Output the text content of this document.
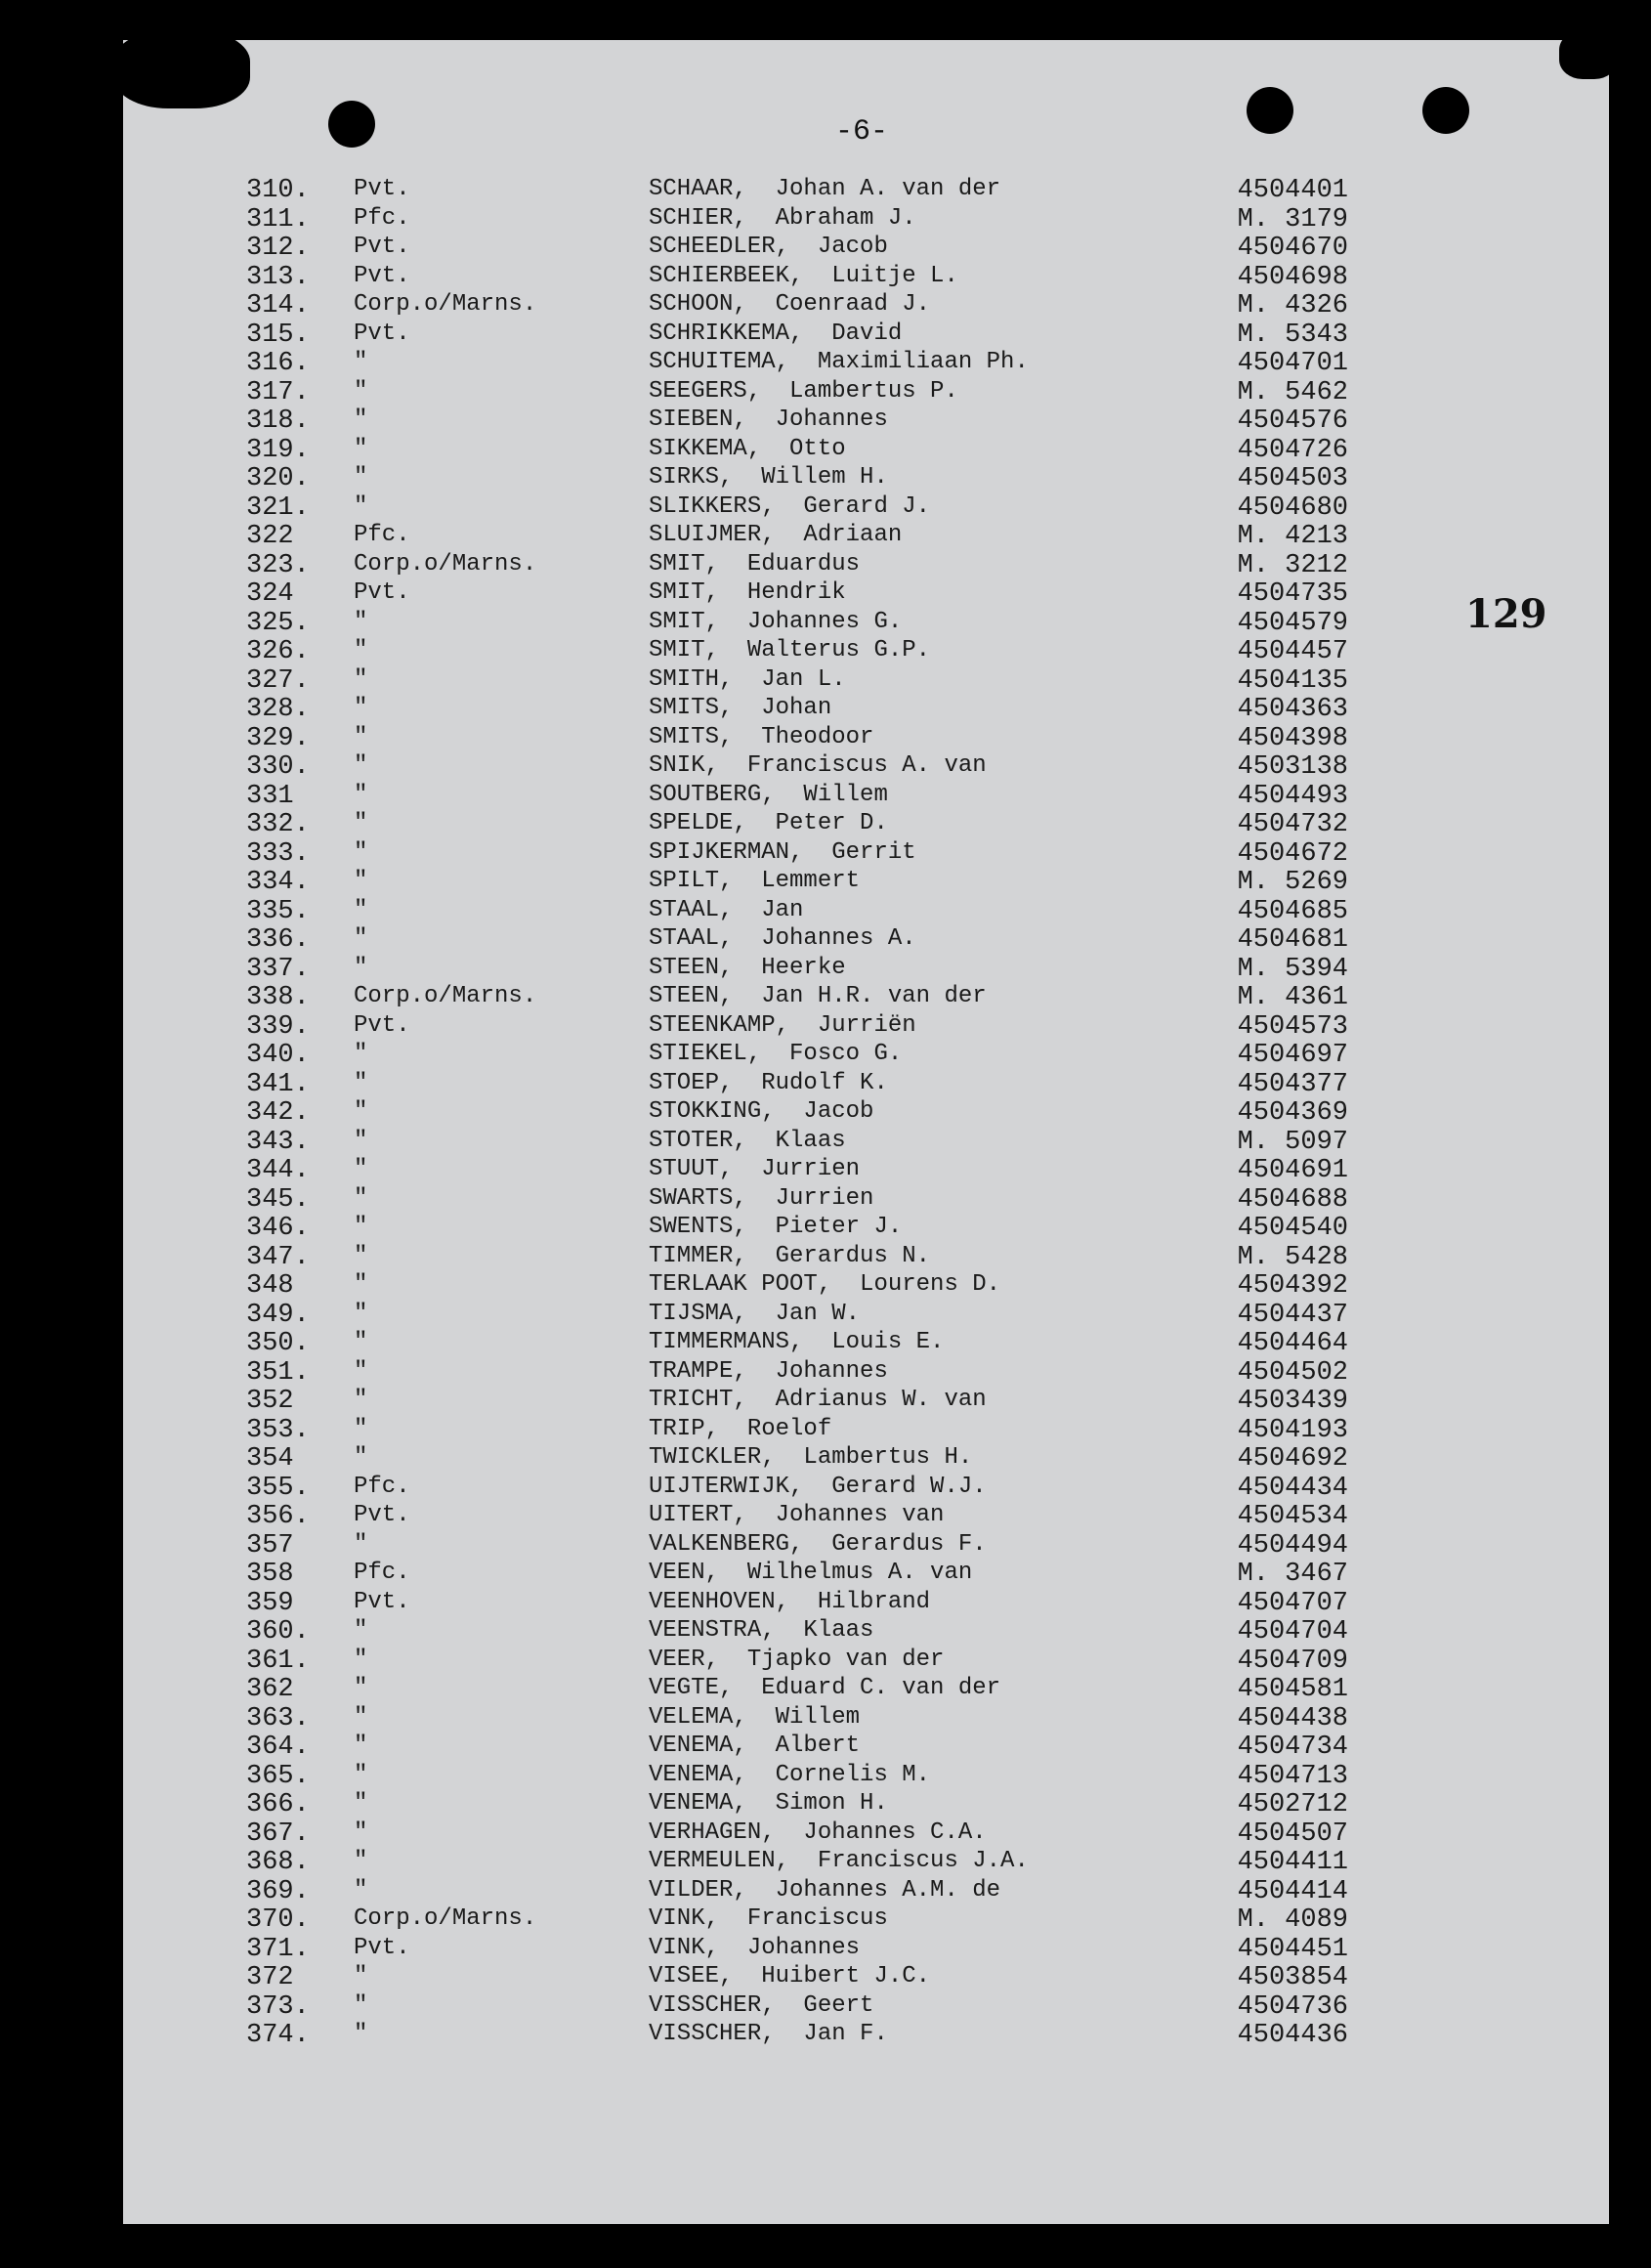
-6-
129
310. Pvt.	SCHAAR,  Johan A. van der	4504401
311. Pfc.	SCHIER,  Abraham J.	M. 3179
312. Pvt.	SCHEEDLER,  Jacob	4504670
313. Pvt.	SCHIERBEEK,  Luitje L.	4504698
314. Corp.o/Marns.	SCHOON,  Coenraad J.	M. 4326
315. Pvt.	SCHRIKKEMA,  David	M. 5343
316. "	SCHUITEMA,  Maximiliaan Ph.	4504701
317. "	SEEGERS,  Lambertus P.	M. 5462
318. "	SIEBEN,  Johannes	4504576
319. "	SIKKEMA,  Otto	4504726
320. "	SIRKS,  Willem H.	4504503
321. "	SLIKKERS,  Gerard J.	4504680
322	Pfc.	SLUIJMER,  Adriaan	M. 4213
323. Corp.o/Marns.	SMIT,  Eduardus	M. 3212
324	Pvt.	SMIT,  Hendrik	4504735
325. "	SMIT,  Johannes G.	4504579
326. "	SMIT,  Walterus G.P.	4504457
327. "	SMITH,  Jan L.	4504135
328. "	SMITS,  Johan	4504363
329. "	SMITS,  Theodoor	4504398
330. "	SNIK,  Franciscus A. van	4503138
331	"	SOUTBERG,  Willem	4504493
332. "	SPELDE,  Peter D.	4504732
333. "	SPIJKERMAN,  Gerrit	4504672
334. "	SPILT,  Lemmert	M. 5269
335. "	STAAL,  Jan	4504685
336. "	STAAL,  Johannes A.	4504681
337. "	STEEN,  Heerke	M. 5394
338. Corp.o/Marns.	STEEN,  Jan H.R. van der	M. 4361
339. Pvt.	STEENKAMP,  Jurriën	4504573
340. "	STIEKEL,  Fosco G.	4504697
341. "	STOEP,  Rudolf K.	4504377
342. "	STOKKING,  Jacob	4504369
343. "	STOTER,  Klaas	M. 5097
344. "	STUUT,  Jurrien	4504691
345. "	SWARTS,  Jurrien	4504688
346. "	SWENTS,  Pieter J.	4504540
347. "	TIMMER,  Gerardus N.	M. 5428
348	"	TERLAAK POOT,  Lourens D.	4504392
349. "	TIJSMA,  Jan W.	4504437
350. "	TIMMERMANS,  Louis E.	4504464
351. "	TRAMPE,  Johannes	4504502
352	"	TRICHT,  Adrianus W. van	4503439
353. "	TRIP,  Roelof	4504193
354	"	TWICKLER,  Lambertus H.	4504692
355. Pfc.	UIJTERWIJK,  Gerard W.J.	4504434
356. Pvt.	UITERT,  Johannes van	4504534
357	"	VALKENBERG,  Gerardus F.	4504494
358	Pfc.	VEEN,  Wilhelmus A. van	M. 3467
359	Pvt.	VEENHOVEN,  Hilbrand	4504707
360. "	VEENSTRA,  Klaas	4504704
361. "	VEER,  Tjapko van der	4504709
362	"	VEGTE,  Eduard C. van der	4504581
363. "	VELEMA,  Willem	4504438
364. "	VENEMA,  Albert	4504734
365. "	VENEMA,  Cornelis M.	4504713
366. "	VENEMA,  Simon H.	4502712
367. "	VERHAGEN,  Johannes C.A.	4504507
368. "	VERMEULEN,  Franciscus J.A.	4504411
369. "	VILDER,  Johannes A.M. de	4504414
370. Corp.o/Marns.	VINK,  Franciscus	M. 4089
371. Pvt.	VINK,  Johannes	4504451
372	"	VISEE,  Huibert J.C.	4503854
373. "	VISSCHER,  Geert	4504736
374. "	VISSCHER,  Jan F.	4504436
